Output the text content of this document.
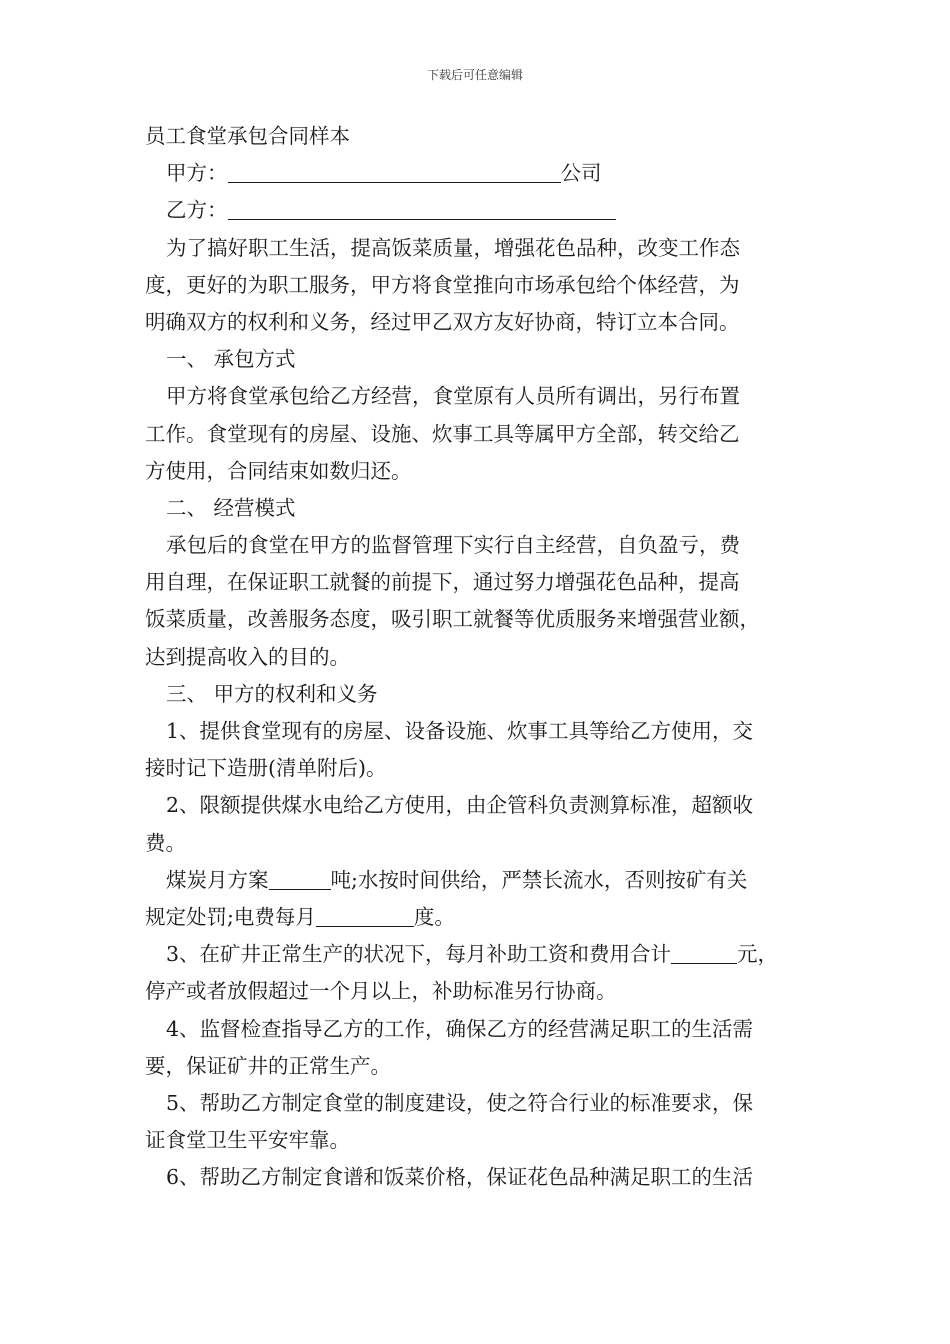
下载后可任意编辑
员工食堂承包合同样本
甲方：	公司
乙方：
为了搞好职工生活，提高饭菜质量，增强花色品种，改变工作态
度，更好的为职工服务，甲方将食堂推向市场承包给个体经营，为
明确双方的权利和义务，经过甲乙双方友好协商，特订立本合同。
一、 承包方式
甲方将食堂承包给乙方经营，食堂原有人员所有调出，另行布置
工作。食堂现有的房屋、设施、炊事工具等属甲方全部，转交给乙
方使用，合同结束如数归还。
二、 经营模式
承包后的食堂在甲方的监督管理下实行自主经营，自负盈亏，费
用自理，在保证职工就餐的前提下，通过努力增强花色品种，提高
饭菜质量，改善服务态度，吸引职工就餐等优质服务来增强营业额，
达到提高收入的目的。
三、 甲方的权利和义务
1、提供食堂现有的房屋、设备设施、炊事工具等给乙方使用，交
接时记下造册(清单附后)。
2、限额提供煤水电给乙方使用，由企管科负责测算标准，超额收
费。
煤炭月方案	吨;水按时间供给，严禁长流水，否则按矿有关
规定处罚;电费每月	度。
3、在矿井正常生产的状况下，每月补助工资和费用合计	元，
停产或者放假超过一个月以上，补助标准另行协商。
4、监督检查指导乙方的工作，确保乙方的经营满足职工的生活需
要，保证矿井的正常生产。
5、帮助乙方制定食堂的制度建设，使之符合行业的标准要求，保
证食堂卫生平安牢靠。
6、帮助乙方制定食谱和饭菜价格，保证花色品种满足职工的生活
